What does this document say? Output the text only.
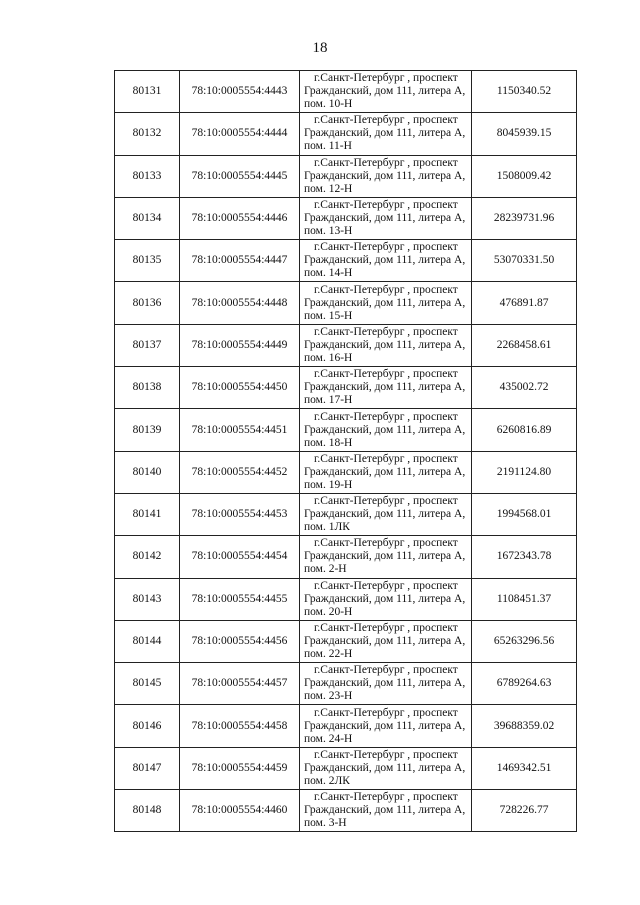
18
80131	78:10:0005554:4443	г.Санкт-Петербург , проспект
Гражданский, дом 111, литера А,
пом. 10-Н	1150340.52
80132	78:10:0005554:4444	г.Санкт-Петербург , проспект
Гражданский, дом 111, литера А,
пом. 11-Н	8045939.15
80133	78:10:0005554:4445	г.Санкт-Петербург , проспект
Гражданский, дом 111, литера А,
пом. 12-Н	1508009.42
80134	78:10:0005554:4446	г.Санкт-Петербург , проспект
Гражданский, дом 111, литера А,
пом. 13-Н	28239731.96
80135	78:10:0005554:4447	г.Санкт-Петербург , проспект
Гражданский, дом 111, литера А,
пом. 14-Н	53070331.50
80136	78:10:0005554:4448	г.Санкт-Петербург , проспект
Гражданский, дом 111, литера А,
пом. 15-Н	476891.87
80137	78:10:0005554:4449	г.Санкт-Петербург , проспект
Гражданский, дом 111, литера А,
пом. 16-Н	2268458.61
80138	78:10:0005554:4450	г.Санкт-Петербург , проспект
Гражданский, дом 111, литера А,
пом. 17-Н	435002.72
80139	78:10:0005554:4451	г.Санкт-Петербург , проспект
Гражданский, дом 111, литера А,
пом. 18-Н	6260816.89
80140	78:10:0005554:4452	г.Санкт-Петербург , проспект
Гражданский, дом 111, литера А,
пом. 19-Н	2191124.80
80141	78:10:0005554:4453	г.Санкт-Петербург , проспект
Гражданский, дом 111, литера А,
пом. 1ЛК	1994568.01
80142	78:10:0005554:4454	г.Санкт-Петербург , проспект
Гражданский, дом 111, литера А,
пом. 2-Н	1672343.78
80143	78:10:0005554:4455	г.Санкт-Петербург , проспект
Гражданский, дом 111, литера А,
пом. 20-Н	1108451.37
80144	78:10:0005554:4456	г.Санкт-Петербург , проспект
Гражданский, дом 111, литера А,
пом. 22-Н	65263296.56
80145	78:10:0005554:4457	г.Санкт-Петербург , проспект
Гражданский, дом 111, литера А,
пом. 23-Н	6789264.63
80146	78:10:0005554:4458	г.Санкт-Петербург , проспект
Гражданский, дом 111, литера А,
пом. 24-Н	39688359.02
80147	78:10:0005554:4459	г.Санкт-Петербург , проспект
Гражданский, дом 111, литера А,
пом. 2ЛК	1469342.51
80148	78:10:0005554:4460	г.Санкт-Петербург , проспект
Гражданский, дом 111, литера А,
пом. 3-Н	728226.77
